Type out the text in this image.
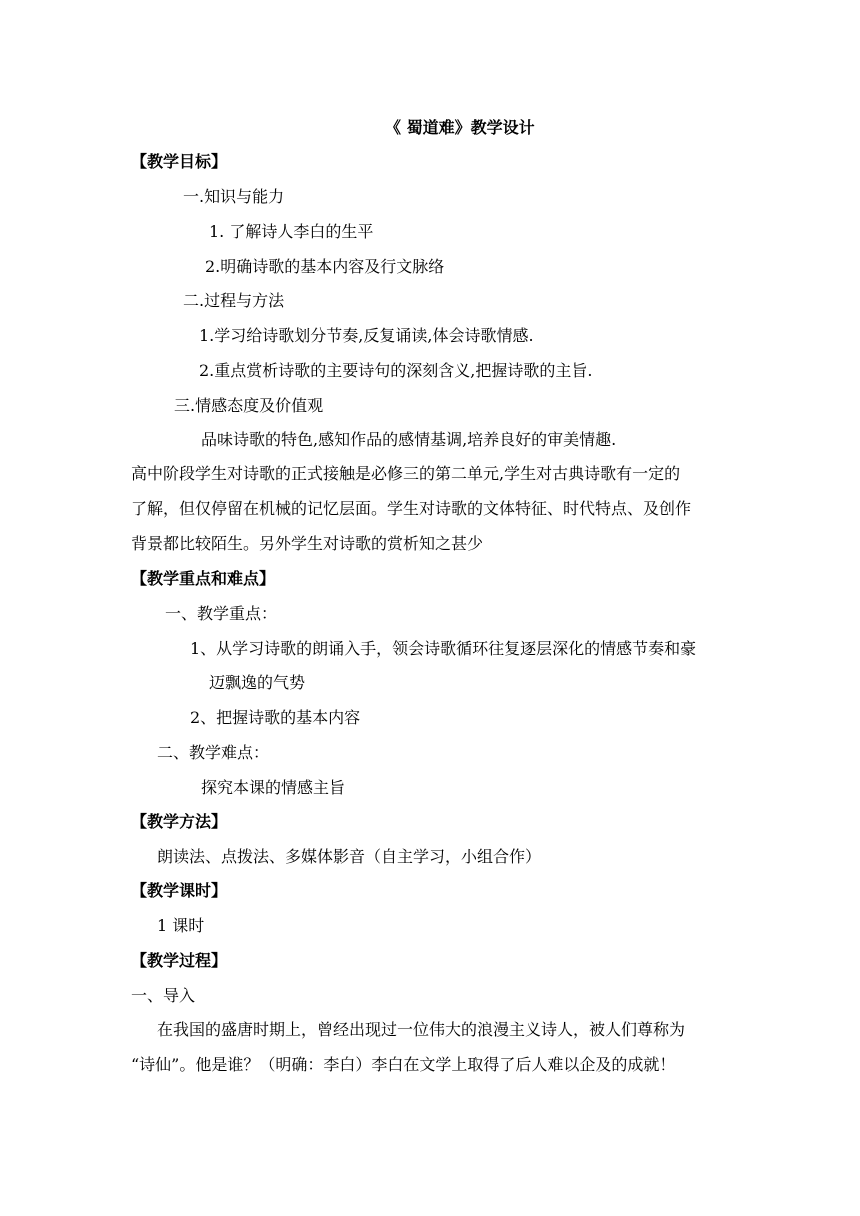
《 蜀道难》教学设计
【教学目标】
一.知识与能力
1. 了解诗人李白的生平
2.明确诗歌的基本内容及行文脉络
二.过程与方法
1.学习给诗歌划分节奏,反复诵读,体会诗歌情感.
2.重点赏析诗歌的主要诗句的深刻含义,把握诗歌的主旨.
三.情感态度及价值观
品味诗歌的特色,感知作品的感情基调,培养良好的审美情趣.
高中阶段学生对诗歌的正式接触是必修三的第二单元,学生对古典诗歌有一定的
了解，但仅停留在机械的记忆层面。学生对诗歌的文体特征、时代特点、及创作
背景都比较陌生。另外学生对诗歌的赏析知之甚少
【教学重点和难点】
一、教学重点：
1、从学习诗歌的朗诵入手，领会诗歌循环往复逐层深化的情感节奏和豪
迈飘逸的气势
2、把握诗歌的基本内容
二、教学难点：
探究本课的情感主旨
【教学方法】
朗读法、点拨法、多媒体影音（自主学习，小组合作）
【教学课时】
1 课时
【教学过程】
一、导入
在我国的盛唐时期上，曾经出现过一位伟大的浪漫主义诗人，被人们尊称为
“诗仙”。他是谁？（明确：李白）李白在文学上取得了后人难以企及的成就！
